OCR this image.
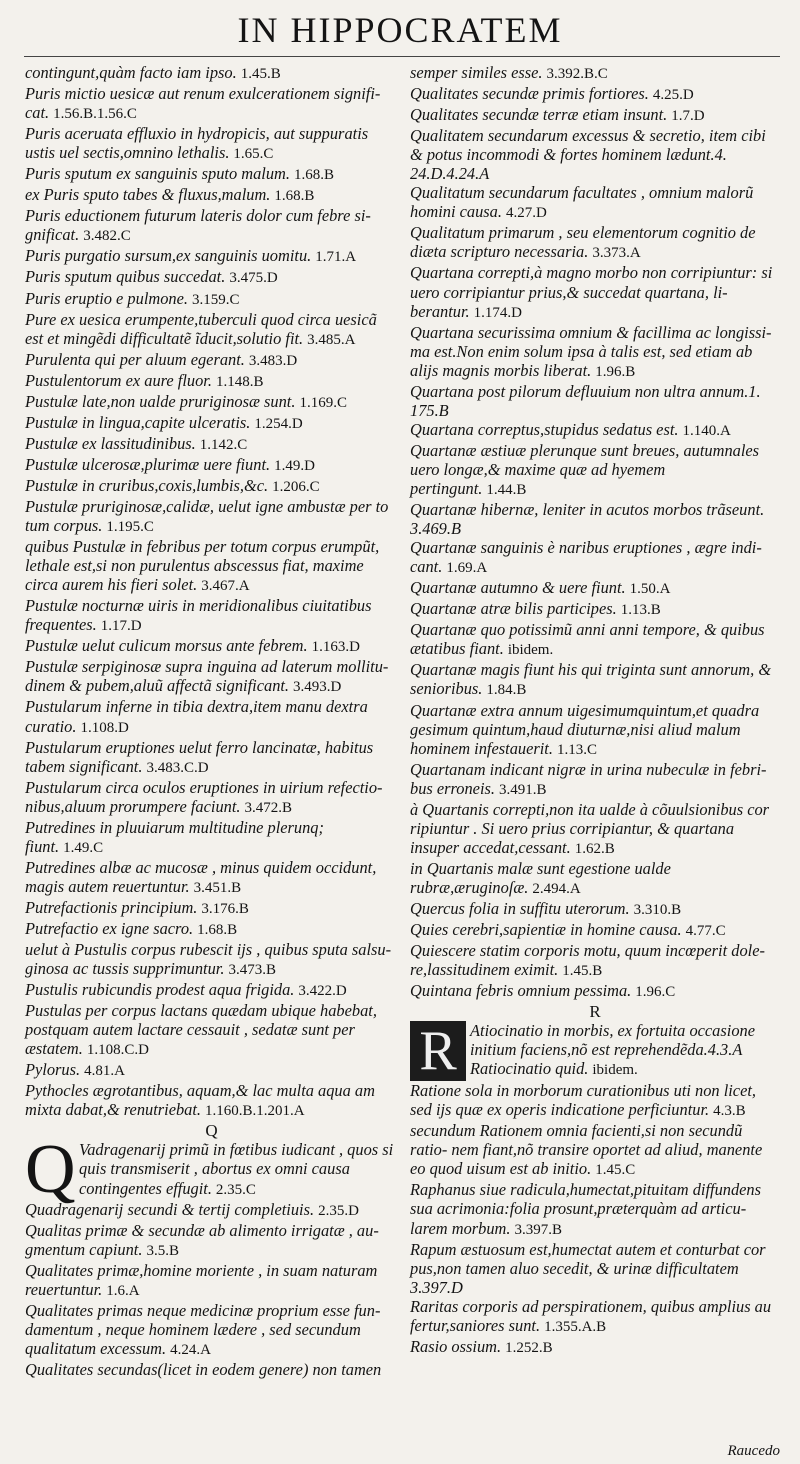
IN HIPPOCRATEM
contingunt,quàm facto iam ipso. 1.45.B
Puris mictio uesicæ aut renum exulcerationem signifi- cat. 1.56.B.1.56.C
Puris aceruata effluxio in hydropicis, aut suppuratis ustis uel sectis,omnino lethalis. 1.65.C
Puris sputum ex sanguinis sputo malum. 1.68.B
ex Puris sputo tabes & fluxus,malum. 1.68.B
Puris eductionem futurum lateris dolor cum febre si- gnificat. 3.482.C
Puris purgatio sursum,ex sanguinis uomitu. 1.71.A
Puris sputum quibus succedat. 3.475.D
Puris eruptio e pulmone. 3.159.C
Pure ex uesica erumpente,tuberculi quod circa uesicã est et mingẽdi difficultatẽ ĩducit,solutio fit. 3.485.A
Purulenta qui per aluum egerant. 3.483.D
Pustulentorum ex aure fluor. 1.148.B
Pustulæ late,non ualde pruriginosæ sunt. 1.169.C
Pustulæ in lingua,capite ulceratis. 1.254.D
Pustulæ ex lassitudinibus. 1.142.C
Pustulæ ulcerosæ,plurimæ uere fiunt. 1.49.D
Pustulæ in cruribus,coxis,lumbis,&c. 1.206.C
Pustulæ pruriginosæ,calidæ, uelut igne ambustæ per to tum corpus. 1.195.C
quibus Pustulæ in febribus per totum corpus erumpũt, lethale est,si non purulentus abscessus fiat, maxime circa aurem his fieri solet. 3.467.A
Pustulæ nocturnæ uiris in meridionalibus ciuitatibus frequentes. 1.17.D
Pustulæ uelut culicum morsus ante febrem. 1.163.D
Pustulæ serpiginosæ supra inguina ad laterum mollitu- dinem & pubem,aluũ affectã significant. 3.493.D
Pustularum inferne in tibia dextra,item manu dextra curatio. 1.108.D
Pustularum eruptiones uelut ferro lancinatæ, habitus tabem significant. 3.483.C.D
Pustularum circa oculos eruptiones in uirium refectio- nibus,aluum prorumpere faciunt. 3.472.B
Putredines in pluuiarum multitudine plerunq; fiunt. 1.49.C
Putredines albæ ac mucosæ , minus quidem occidunt, magis autem reuertuntur. 3.451.B
Putrefactionis principium. 3.176.B
Putrefactio ex igne sacro. 1.68.B
uelut à Pustulis corpus rubescit ijs , quibus sputa salsu- ginosa ac tussis supprimuntur. 3.473.B
Pustulis rubicundis prodest aqua frigida. 3.422.D
Pustulas per corpus lactans quædam ubique habebat, postquam autem lactare cessauit , sedatæ sunt per æstatem. 1.108.C.D
Pylorus. 4.81.A
Pythocles ægrotantibus, aquam,& lac multa aqua am mixta dabat,& renutriebat. 1.160.B.1.201.A
Q
Q Vadragenarij primũ in fœtibus iudicant , quos si quis transmiserit , abortus ex omni causa contingentes effugit. 2.35.C
Quadragenarij secundi & tertij completiuis. 2.35.D
Qualitas primæ & secundæ ab alimento irrigatæ , au- gmentum capiunt. 3.5.B
Qualitates primæ,homine moriente , in suam naturam reuertuntur. 1.6.A
Qualitates primas neque medicinæ proprium esse fun- damentum , neque hominem lædere , sed secundum qualitatum excessum. 4.24.A
Qualitates secundas(licet in eodem genere) non tamen
semper similes esse. 3.392.B.C
Qualitates secundæ primis fortiores. 4.25.D
Qualitates secundæ terræ etiam insunt. 1.7.D
Qualitatem secundarum excessus & secretio, item cibi & potus incommodi & fortes hominem lædunt.4. 24.D.4.24.A
Qualitatum secundarum facultates , omnium malorũ homini causa. 4.27.D
Qualitatum primarum , seu elementorum cognitio de diæta scripturo necessaria. 3.373.A
Quartana correpti,à magno morbo non corripiuntur: si uero corripiantur prius,& succedat quartana, li- berantur. 1.174.D
Quartana securissima omnium & facillima ac longissi- ma est.Non enim solum ipsa à talis est, sed etiam ab alijs magnis morbis liberat. 1.96.B
Quartana post pilorum defluuium non ultra annum.1. 175.B
Quartana correptus,stupidus sedatus est. 1.140.A
Quartanæ æstiuæ plerunque sunt breues, autumnales uero longæ,& maxime quæ ad hyemem pertingunt. 1.44.B
Quartanæ hibernæ, leniter in acutos morbos trãseunt. 3.469.B
Quartanæ sanguinis è naribus eruptiones , ægre indi- cant. 1.69.A
Quartanæ autumno & uere fiunt. 1.50.A
Quartanæ atræ bilis participes. 1.13.B
Quartanæ quo potissimũ anni anni tempore, & quibus ætatibus fiant. ibidem.
Quartanæ magis fiunt his qui triginta sunt annorum, & senioribus. 1.84.B
Quartanæ extra annum uigesimumquintum,et quadra gesimum quintum,haud diuturnæ,nisi aliud malum hominem infestauerit. 1.13.C
Quartanam indicant nigræ in urina nubeculæ in febri- bus erroneis. 3.491.B
à Quartanis correpti,non ita ualde à cõuulsionibus cor ripiuntur . Si uero prius corripiantur, & quartana insuper accedat,cessant. 1.62.B
in Quartanis malæ sunt egestione ualde rubræ,æruginoſæ. 2.494.A
Quercus folia in suffitu uterorum. 3.310.B
Quies cerebri,sapientiæ in homine causa. 4.77.C
Quiescere statim corporis motu, quum incœperit dole- re,lassitudinem eximit. 1.45.B
Quintana febris omnium pessima. 1.96.C
R
R Atiocinatio in morbis, ex fortuita occasione initium faciens,nõ est reprehendẽda.4.3.A Ratiocinatio quid. ibidem.
Ratione sola in morborum curationibus uti non licet, sed ijs quæ ex operis indicatione perficiuntur. 4.3.B
secundum Rationem omnia facienti,si non secundũ ratio- nem fiant,nõ transire oportet ad aliud, manente eo quod uisum est ab initio. 1.45.C
Raphanus siue radicula,humectat,pituitam diffundens sua acrimonia:folia prosunt,præterquàm ad articu- larem morbum. 3.397.B
Rapum æstuosum est,humectat autem et conturbat cor pus,non tamen aluo secedit, & urinæ difficultatem 3.397.D
Raritas corporis ad perspirationem, quibus amplius au fertur,saniores sunt. 1.355.A.B
Rasio ossium. 1.252.B
Raucedo
